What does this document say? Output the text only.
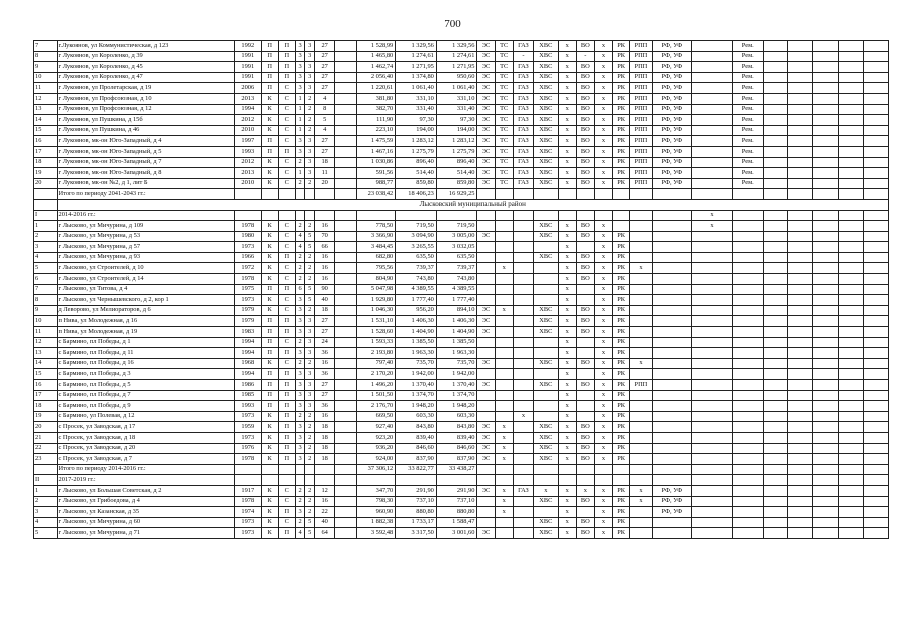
700
7	г.Лукоянов, ул Коммунистическая, д 123	1992	П	П	3	3	27		1 528,99	1 329,56	1 329,56	ЭС	ТС	ГАЗ	ХВС	х	ВО	х	РК	РПП	РФ, УФ		Рем.					
8	г Лукоянов, ул Короленко, д 39	1991	П	П	3	3	27		1 465,80	1 274,61	1 274,61	ЭС	ТС	-	ХВС	х	-	х	РК	РПП	РФ, УФ		Рем.					
9	г Лукоянов, ул Короленко, д 45	1991	П	П	3	3	27		1 462,74	1 271,95	1 271,95	ЭС	ТС	ГАЗ	ХВС	х	ВО	х	РК	РПП	РФ, УФ		Рем.					
10	г Лукоянов, ул Короленко, д 47	1991	П	П	3	3	27		2 056,40	1 374,80	950,60	ЭС	ТС	ГАЗ	ХВС	х	ВО	х	РК	РПП	РФ, УФ		Рем.					
11	г Лукоянов, ул Пролетарская, д 19	2006	П	С	3	3	27		1 220,61	1 061,40	1 061,40	ЭС	ТС	ГАЗ	ХВС	х	ВО	х	РК	РПП	РФ, УФ		Рем.					
12	г Лукоянов, ул Профсоюзная, д 10	2013	К	С	1	2	4		381,80	331,10	331,10	ЭС	ТС	ГАЗ	ХВС	х	ВО	х	РК	РПП	РФ, УФ		Рем.					
13	г Лукоянов, ул Профсоюзная, д 12	1994	К	С	1	2	8		382,70	331,40	331,40	ЭС	ТС	ГАЗ	ХВС	х	ВО	х	РК	РПП	РФ, УФ		Рем.					
14	г Лукоянов, ул Пушкина, д 15б	2012	К	С	1	2	5		111,90	97,30	97,30	ЭС	ТС	ГАЗ	ХВС	х	ВО	х	РК	РПП	РФ, УФ		Рем.					
15	г Лукоянов, ул Пушкина, д 46	2010	К	С	1	2	4		223,10	194,00	194,00	ЭС	ТС	ГАЗ	ХВС	х	ВО	х	РК	РПП	РФ, УФ		Рем.					
16	г Лукоянов, мк-он Юго-Западный, д 4	1997	П	С	3	3	27		1 475,59	1 283,12	1 283,12	ЭС	ТС	ГАЗ	ХВС	х	ВО	х	РК	РПП	РФ, УФ		Рем.					
17	г Лукоянов, мк-он Юго-Западный, д 5	1993	П	П	3	3	27		1 467,16	1 275,79	1 275,79	ЭС	ТС	ГАЗ	ХВС	х	ВО	х	РК	РПП	РФ, УФ		Рем.					
18	г Лукоянов, мк-он Юго-Западный, д 7	2012	К	С	2	3	18		1 030,86	896,40	896,40	ЭС	ТС	ГАЗ	ХВС	х	ВО	х	РК	РПП	РФ, УФ		Рем.					
19	г Лукоянов, мк-он Юго-Западный, д 8	2013	К	С	1	3	11		591,56	514,40	514,40	ЭС	ТС	ГАЗ	ХВС	х	ВО	х	РК	РПП	РФ, УФ		Рем.					
20	г Лукоянов, мк-он №2, д 1, лит Б	2010	К	С	2	2	20		988,77	859,80	859,80	ЭС	ТС	ГАЗ	ХВС	х	ВО	х	РК	РПП	РФ, УФ		Рем.					
	Итого по периоду 2041-2043 гг.:								23 038,42	18 406,23	16 929,25																	
	Лысковский муниципальный район																											
I	2014-2016 гг.:																					х						
1	г Лысково, ул Мичурина, д 109	1978	К	С	2	2	16		778,50	719,50	719,50				ХВС	х	ВО	х				х						
2	г Лысково, ул Мичурина, д 53	1980	К	С	4	5	70		3 366,90	3 094,90	3 005,00	ЭС			ХВС	х	ВО	х	РК									
3	г Лысково, ул Мичурина, д 57	1973	К	С	4	5	66		3 484,45	3 265,55	3 032,05					х		х	РК									
4	г Лысково, ул Мичурина, д 93	1966	К	П	2	2	16		682,80	635,50	635,50				ХВС	х	ВО	х	РК									
5	г Лысково, ул Строителей, д 10	1972	К	С	2	2	16		795,56	739,37	739,37		х			х	ВО	х	РК	х								
6	г Лысково, ул Строителей, д 14	1978	К	С	2	2	16		804,90	743,80	743,80					х	ВО	х	РК									
7	г Лысково, ул Титова, д 4	1975	П	П	6	5	90		5 047,98	4 389,55	4 389,55					х		х	РК									
8	г Лысково, ул Чернышевского, д 2, кор 1	1973	К	С	3	5	40		1 929,80	1 777,40	1 777,40					х		х	РК									
9	д Леворово, ул Мелиораторов, д 6	1979	К	С	3	2	18		1 046,30	956,20	894,10	ЭС	х		ХВС	х	ВО	х	РК									
10	п Нива, ул Молодежная, д 16	1979	П	П	3	3	27		1 531,10	1 406,30	1 406,30	ЭС			ХВС	х	ВО	х	РК									
11	п Нива, ул Молодежная, д 19	1983	П	П	3	3	27		1 528,60	1 404,90	1 404,90	ЭС			ХВС	х	ВО	х	РК									
12	с Бармино, пл Победы, д 1	1994	П	С	2	3	24		1 593,33	1 385,50	1 385,50					х		х	РК									
13	с Бармино, пл Победы, д 11	1994	П	П	3	3	36		2 193,80	1 963,30	1 963,30					х		х	РК									
14	с Бармино, пл Победы, д 16	1968	К	С	2	2	16		797,40	735,70	735,70	ЭС			ХВС	х	ВО	х	РК	х								
15	с Бармино, пл Победы, д 3	1994	П	П	3	3	36		2 170,20	1 942,00	1 942,00					х		х	РК									
16	с Бармино, пл Победы, д 5	1986	П	П	3	3	27		1 496,20	1 370,40	1 370,40	ЭС			ХВС	х	ВО	х	РК	РПП								
17	с Бармино, пл Победы, д 7	1985	П	П	3	3	27		1 501,50	1 374,70	1 374,70					х		х	РК									
18	с Бармино, пл Победы, д 9	1993	П	П	3	3	36		2 176,70	1 948,20	1 948,20					х		х	РК									
19	с Бармино, ул Полевая, д 12	1973	К	П	2	2	16		669,50	603,30	603,30			х		х		х	РК									
20	с Просек, ул Заводская, д 17	1959	К	П	3	2	18		927,40	843,80	843,80	ЭС	х		ХВС	х	ВО	х	РК									
21	с Просек, ул Заводская, д 18	1973	К	П	3	2	18		923,20	839,40	839,40	ЭС	х		ХВС	х	ВО	х	РК									
22	с Просек, ул Заводская, д 20	1976	К	П	3	2	18		936,20	846,60	846,60	ЭС	х		ХВС	х	ВО	х	РК									
23	с Просек, ул Заводская, д 7	1978	К	П	3	2	18		924,00	837,90	837,90	ЭС	х		ХВС	х	ВО	х	РК									
	Итого по периоду 2014-2016 гг.:								37 306,12	33 822,77	33 438,27																	
II	2017-2019 гг.:																											
1	г Лысково, ул Большая Советская, д 2	1917	К	С	2	2	12		347,70	291,90	291,90	ЭС	х	ГАЗ	х	х	х	х	РК	х	РФ, УФ							
2	г Лысково, ул Грибоедова, д 4	1978	К	С	2	2	16		798,30	737,10	737,10		х		ХВС	х	ВО	х	РК	х	РФ, УФ							
3	г Лысково, ул Казанская, д 35	1974	К	П	3	2	22		960,90	880,80	880,80		х			х		х	РК		РФ, УФ							
4	г Лысково, ул Мичурина, д 60	1973	К	С	2	5	40		1 882,38	1 733,17	1 588,47				ХВС	х	ВО	х	РК									
5	г Лысково, ул Мичурина, д 71	1973	К	П	4	5	64		3 592,48	3 317,50	3 001,60	ЭС			ХВС	х	ВО	х	РК									
